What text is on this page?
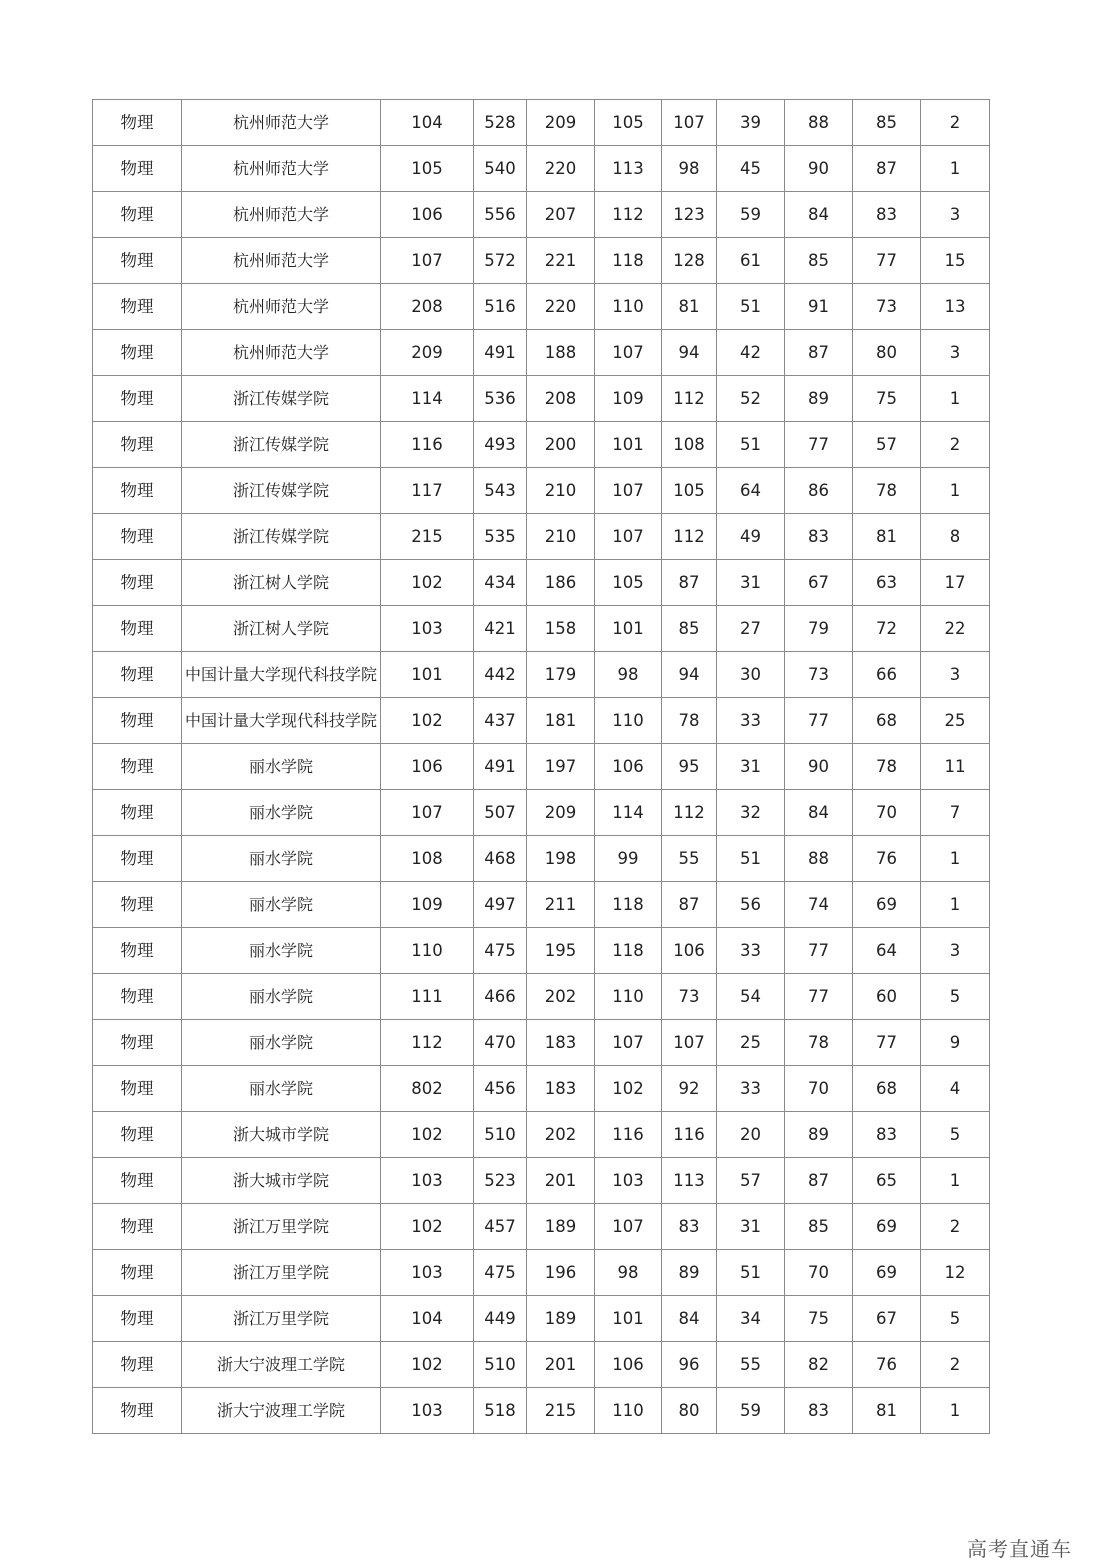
物理	杭州师范大学	104	528	209	105	107	39	88	85	2
物理	杭州师范大学	105	540	220	113	98	45	90	87	1
物理	杭州师范大学	106	556	207	112	123	59	84	83	3
物理	杭州师范大学	107	572	221	118	128	61	85	77	15
物理	杭州师范大学	208	516	220	110	81	51	91	73	13
物理	杭州师范大学	209	491	188	107	94	42	87	80	3
物理	浙江传媒学院	114	536	208	109	112	52	89	75	1
物理	浙江传媒学院	116	493	200	101	108	51	77	57	2
物理	浙江传媒学院	117	543	210	107	105	64	86	78	1
物理	浙江传媒学院	215	535	210	107	112	49	83	81	8
物理	浙江树人学院	102	434	186	105	87	31	67	63	17
物理	浙江树人学院	103	421	158	101	85	27	79	72	22
物理	中国计量大学现代科技学院	101	442	179	98	94	30	73	66	3
物理	中国计量大学现代科技学院	102	437	181	110	78	33	77	68	25
物理	丽水学院	106	491	197	106	95	31	90	78	11
物理	丽水学院	107	507	209	114	112	32	84	70	7
物理	丽水学院	108	468	198	99	55	51	88	76	1
物理	丽水学院	109	497	211	118	87	56	74	69	1
物理	丽水学院	110	475	195	118	106	33	77	64	3
物理	丽水学院	111	466	202	110	73	54	77	60	5
物理	丽水学院	112	470	183	107	107	25	78	77	9
物理	丽水学院	802	456	183	102	92	33	70	68	4
物理	浙大城市学院	102	510	202	116	116	20	89	83	5
物理	浙大城市学院	103	523	201	103	113	57	87	65	1
物理	浙江万里学院	102	457	189	107	83	31	85	69	2
物理	浙江万里学院	103	475	196	98	89	51	70	69	12
物理	浙江万里学院	104	449	189	101	84	34	75	67	5
物理	浙大宁波理工学院	102	510	201	106	96	55	82	76	2
物理	浙大宁波理工学院	103	518	215	110	80	59	83	81	1
高考直通车
